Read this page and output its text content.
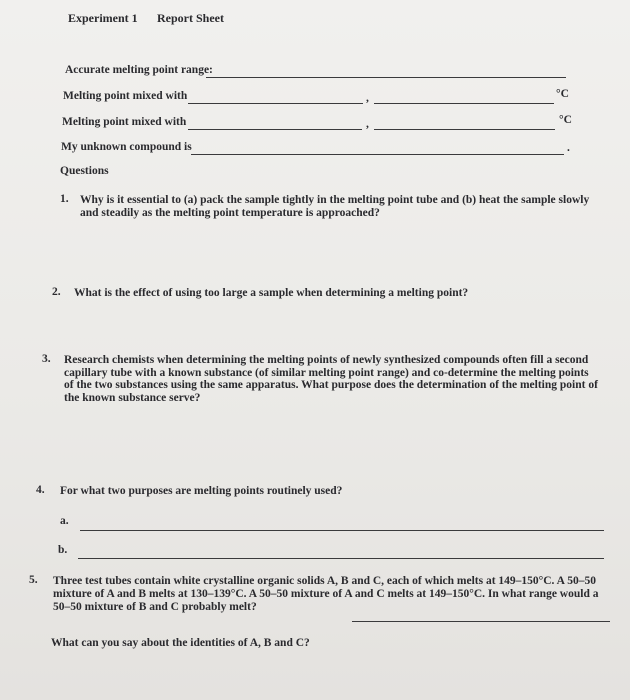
Experiment 1 Report Sheet
Accurate melting point range:
Melting point mixed with	,	°C
Melting point mixed with	,	°C
My unknown compound is	.
Questions
1. Why is it essential to (a) pack the sample tightly in the melting point tube and (b) heat the sample slowly and steadily as the melting point temperature is approached?
2. What is the effect of using too large a sample when determining a melting point?
3. Research chemists when determining the melting points of newly synthesized compounds often fill a second capillary tube with a known substance (of similar melting point range) and co-determine the melting points of the two substances using the same apparatus. What purpose does the determination of the melting point of the known substance serve?
4. For what two purposes are melting points routinely used?
a.
b.
5. Three test tubes contain white crystalline organic solids A, B and C, each of which melts at 149–150°C. A 50–50 mixture of A and B melts at 130–139°C. A 50–50 mixture of A and C melts at 149–150°C. In what range would a 50–50 mixture of B and C probably melt?
What can you say about the identities of A, B and C?
